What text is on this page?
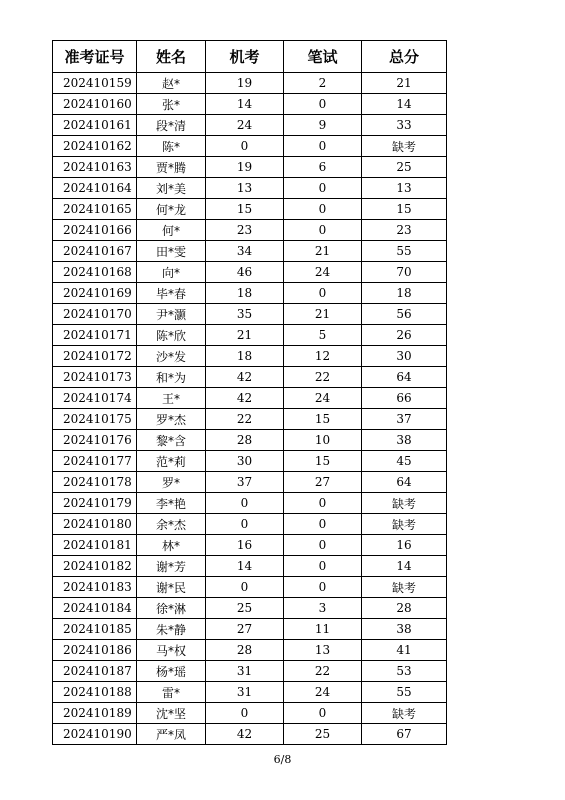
准考证号	姓名	机考	笔试	总分
202410159	赵*	19	2	21
202410160	张*	14	0	14
202410161	段*清	24	9	33
202410162	陈*	0	0	缺考
202410163	贾*腾	19	6	25
202410164	刘*美	13	0	13
202410165	何*龙	15	0	15
202410166	何*	23	0	23
202410167	田*雯	34	21	55
202410168	向*	46	24	70
202410169	毕*春	18	0	18
202410170	尹*灏	35	21	56
202410171	陈*欣	21	5	26
202410172	沙*发	18	12	30
202410173	和*为	42	22	64
202410174	王*	42	24	66
202410175	罗*杰	22	15	37
202410176	黎*含	28	10	38
202410177	范*莉	30	15	45
202410178	罗*	37	27	64
202410179	李*艳	0	0	缺考
202410180	余*杰	0	0	缺考
202410181	林*	16	0	16
202410182	谢*芳	14	0	14
202410183	谢*民	0	0	缺考
202410184	徐*淋	25	3	28
202410185	朱*静	27	11	38
202410186	马*权	28	13	41
202410187	杨*瑶	31	22	53
202410188	雷*	31	24	55
202410189	沈*坚	0	0	缺考
202410190	严*凤	42	25	67
6/8
